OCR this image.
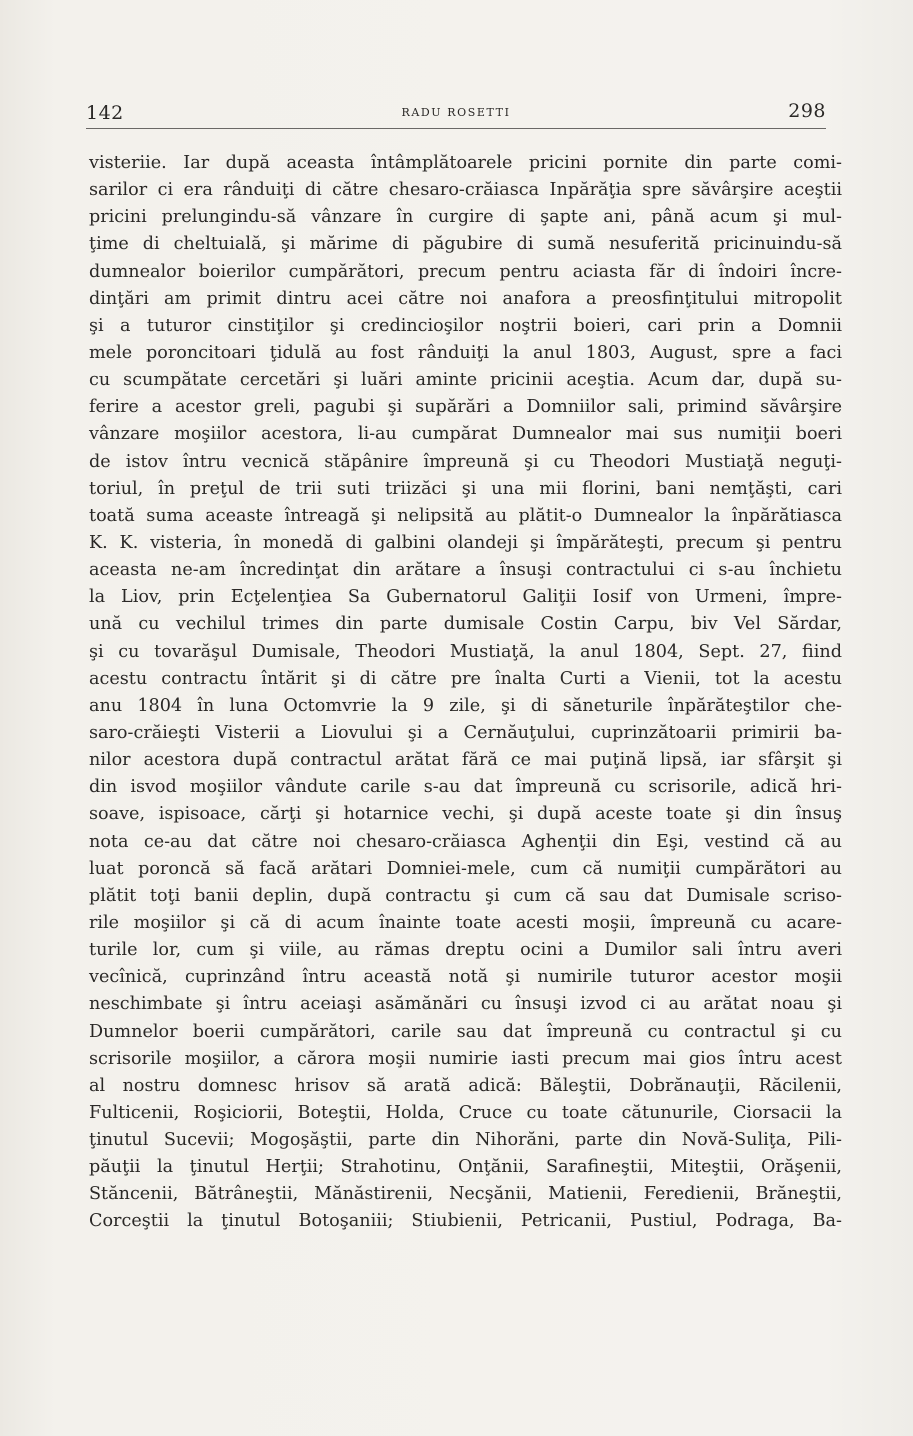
142	RADU ROSETTI	298
visteriie. Iar după aceasta întâmplătoarele pricini pornite din parte comi-
sarilor ci era rânduiţi di către chesaro-crăiasca Inpărăţia spre săvârşire aceştii
pricini prelungindu-să vânzare în curgire di şapte ani, până acum şi mul-
ţime di cheltuială, şi mărime di păgubire di sumă nesuferită pricinuindu-să
dumnealor boierilor cumpărători, precum pentru aciasta făr di îndoiri încre-
dinţări am primit dintru acei către noi anafora a preosfinţitului mitropolit
şi a tuturor cinstiţilor şi credincioşilor noştrii boieri, cari prin a Domnii
mele poroncitoari ţidulă au fost rânduiţi la anul 1803, August, spre a faci
cu scumpătate cercetări şi luări aminte pricinii aceştia. Acum dar, după su-
ferire a acestor greli, pagubi şi supărări a Domniilor sali, primind săvârşire
vânzare moşiilor acestora, li-au cumpărat Dumnealor mai sus numiţii boeri
de istov întru vecnică stăpânire împreună şi cu Theodori Mustiaţă neguţi-
toriul, în preţul de trii suti triizăci şi una mii florini, bani nemţăşti, cari
toată suma aceaste întreagă şi nelipsită au plătit-o Dumnealor la înpărătiasca
K. K. visteria, în monedă di galbini olandeji şi împărăteşti, precum şi pentru
aceasta ne-am încredinţat din arătare a însuşi contractului ci s-au închietu
la Liov, prin Ecţelenţiea Sa Gubernatorul Galiţii Iosif von Urmeni, împre-
ună cu vechilul trimes din parte dumisale Costin Carpu, biv Vel Sărdar,
şi cu tovarăşul Dumisale, Theodori Mustiaţă, la anul 1804, Sept. 27, fiind
acestu contractu întărit şi di către pre înalta Curti a Vienii, tot la acestu
anu 1804 în luna Octomvrie la 9 zile, şi di săneturile înpărăteştilor che-
saro-crăieşti Visterii a Liovului şi a Cernăuţului, cuprinzătoarii primirii ba-
nilor acestora după contractul arătat fără ce mai puţină lipsă, iar sfârşit şi
din isvod moşiilor vândute carile s-au dat împreună cu scrisorile, adică hri-
soave, ispisoace, cărţi şi hotarnice vechi, şi după aceste toate şi din însuş
nota ce-au dat către noi chesaro-crăiasca Aghenţii din Eşi, vestind că au
luat poroncă să facă arătari Domniei-mele, cum că numiţii cumpărători au
plătit toţi banii deplin, după contractu şi cum că sau dat Dumisale scriso-
rile moşiilor şi că di acum înainte toate acesti moşii, împreună cu acare-
turile lor, cum şi viile, au rămas dreptu ocini a Dumilor sali întru averi
vecînică, cuprinzând întru această notă şi numirile tuturor acestor moşii
neschimbate şi întru aceiaşi asămănări cu însuşi izvod ci au arătat noau şi
Dumnelor boerii cumpărători, carile sau dat împreună cu contractul şi cu
scrisorile moşiilor, a cărora moşii numirie iasti precum mai gios întru acest
al nostru domnesc hrisov să arată adică: Băleştii, Dobrănauţii, Răcilenii,
Fulticenii, Roşiciorii, Boteştii, Holda, Cruce cu toate cătunurile, Ciorsacii la
ţinutul Sucevii; Mogoşăştii, parte din Nihorăni, parte din Novă-Suliţa, Pili-
păuţii la ţinutul Herţii; Strahotinu, Onţănii, Sarafineştii, Miteştii, Orăşenii,
Stăncenii, Bătrâneştii, Mănăstirenii, Necşănii, Matienii, Feredienii, Brăneştii,
Corceştii la ţinutul Botoşaniii; Stiubienii, Petricanii, Pustiul, Podraga, Ba-
